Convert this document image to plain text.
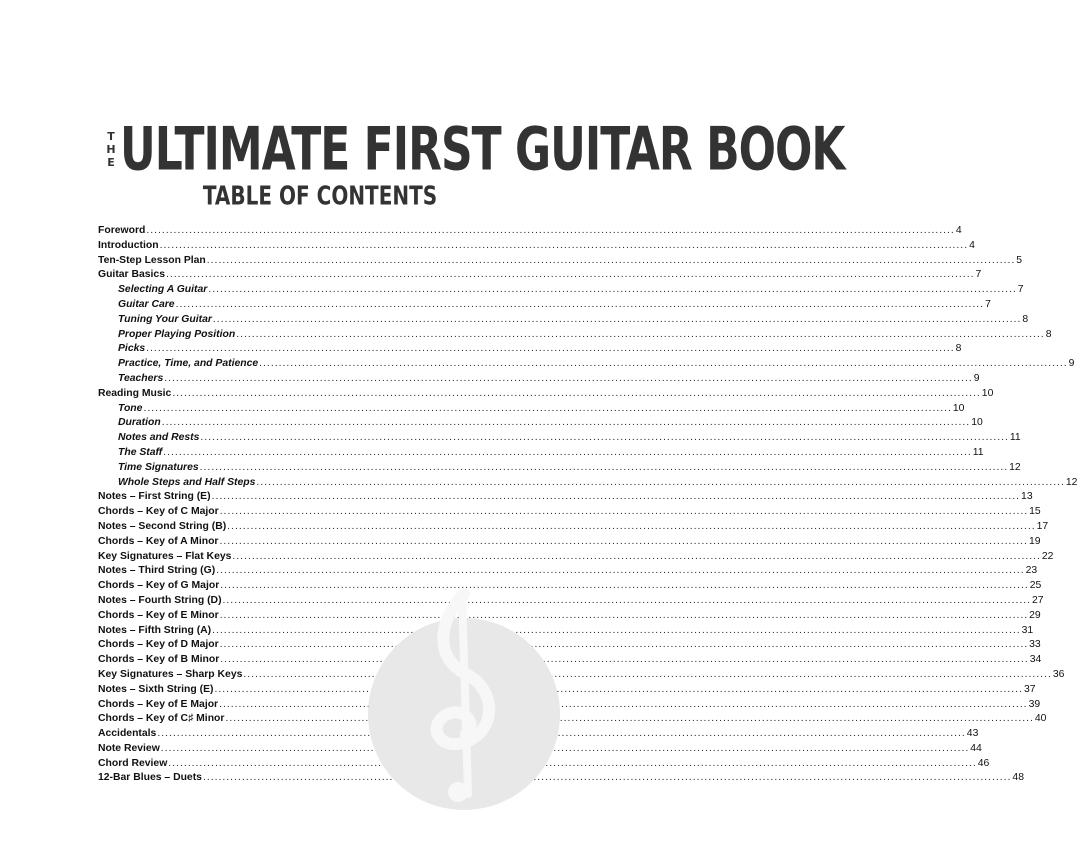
T
H
E ULTIMATE FIRST GUITAR BOOK
TABLE OF CONTENTS
Foreword .....	4
Introduction .....	4
Ten-Step Lesson Plan .....	5
Guitar Basics .....	7
Selecting A Guitar .....	7
Guitar Care .....	7
Tuning Your Guitar .....	8
Proper Playing Position .....	8
Picks .....	8
Practice, Time, and Patience .....	9
Teachers .....	9
Reading Music .....	10
Tone .....	10
Duration .....	10
Notes and Rests .....	11
The Staff .....	11
Time Signatures .....	12
Whole Steps and Half Steps .....	12
Notes – First String (E) .....	13
Chords – Key of C Major .....	15
Notes – Second String (B) .....	17
Chords – Key of A Minor .....	19
Key Signatures – Flat Keys .....	22
Notes – Third String (G) .....	23
Chords – Key of G Major .....	25
Notes – Fourth String (D) .....	27
Chords – Key of E Minor .....	29
Notes – Fifth String (A) .....	31
Chords – Key of D Major .....	33
Chords – Key of B Minor .....	34
Key Signatures – Sharp Keys .....	36
Notes – Sixth String (E) .....	37
Chords – Key of E Major .....	39
Chords – Key of C♯ Minor .....	40
Accidentals .....	43
Note Review .....	44
Chord Review .....	46
12-Bar Blues – Duets .....	48
